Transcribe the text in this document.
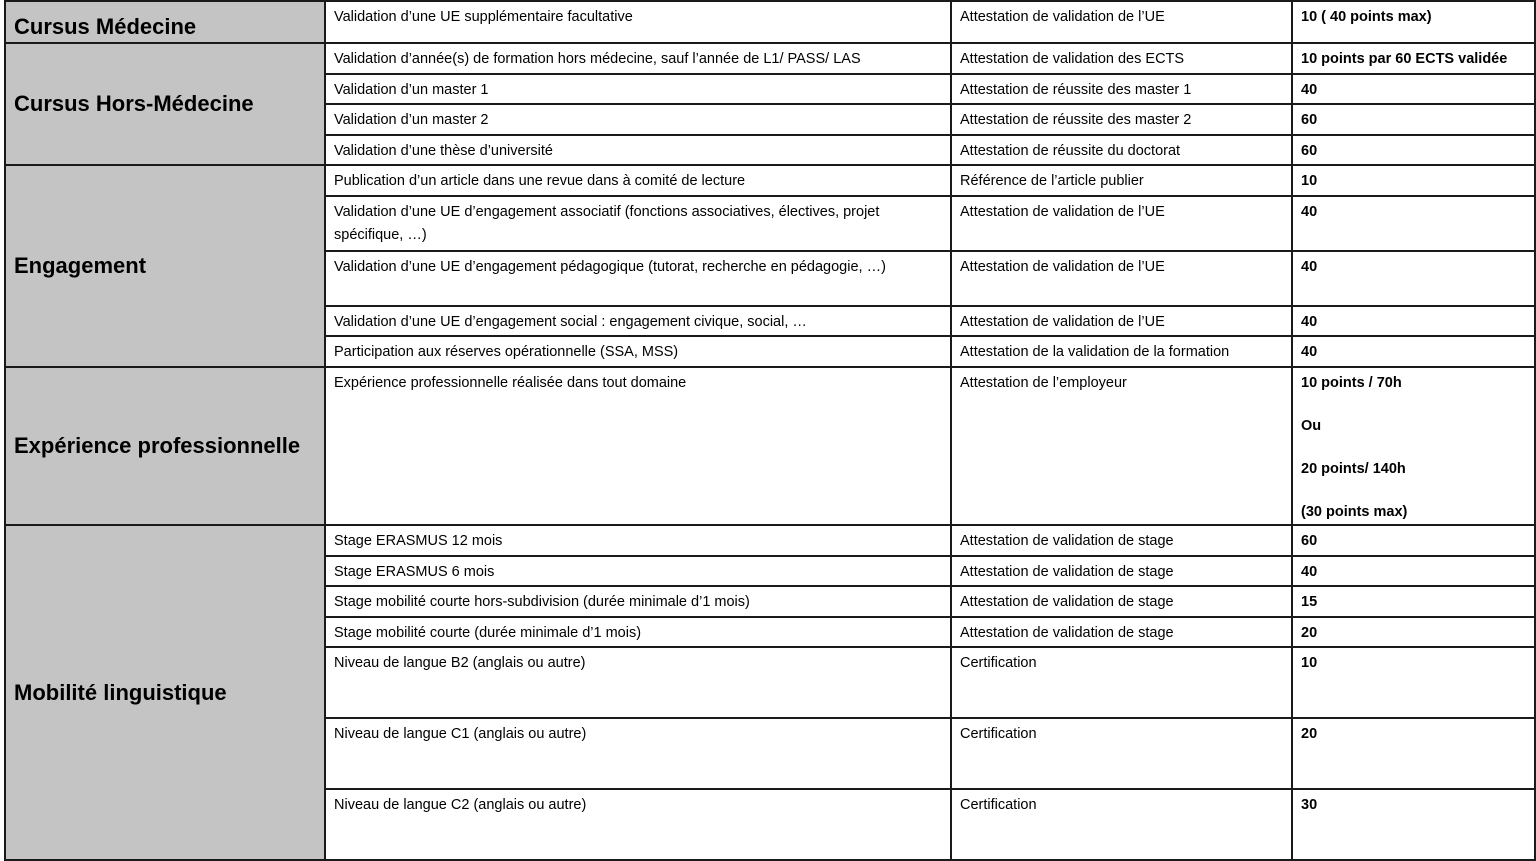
Cursus Médecine	Validation d’une UE supplémentaire facultative	Attestation de validation de l’UE	10 ( 40 points max)
Cursus Hors-Médecine	Validation d’année(s) de formation hors médecine, sauf l’année de L1/ PASS/ LAS	Attestation de validation des ECTS	10 points par 60 ECTS validée
	Validation d’un master 1	Attestation de réussite des master 1	40
	Validation d’un master 2	Attestation de réussite des master 2	60
	Validation d’une thèse d’université	Attestation de réussite du doctorat	60
Engagement	Publication d’un article dans une revue dans à comité de lecture	Référence de l’article publier	10
	Validation d’une UE d’engagement associatif (fonctions associatives, électives, projet spécifique, …)	Attestation de validation de l’UE	40
	Validation d’une UE d’engagement pédagogique (tutorat, recherche en pédagogie, …)	Attestation de validation de l’UE	40
	Validation d’une UE d’engagement social : engagement civique, social, …	Attestation de validation de l’UE	40
	Participation aux réserves opérationnelle (SSA, MSS)	Attestation de la validation de la formation	40
Expérience professionnelle	Expérience professionnelle réalisée dans tout domaine	Attestation de l’employeur	10 points / 70h
Ou
20 points/ 140h
(30 points max)

Mobilité linguistique	Stage ERASMUS 12 mois	Attestation de validation de stage	60
	Stage ERASMUS 6 mois	Attestation de validation de stage	40
	Stage mobilité courte hors-subdivision (durée minimale d’1 mois)	Attestation de validation de stage	15
	Stage mobilité courte (durée minimale d’1 mois)	Attestation de validation de stage	20
	Niveau de langue B2 (anglais ou autre)	Certification	10
	Niveau de langue C1 (anglais ou autre)	Certification	20
	Niveau de langue C2 (anglais ou autre)	Certification	30
